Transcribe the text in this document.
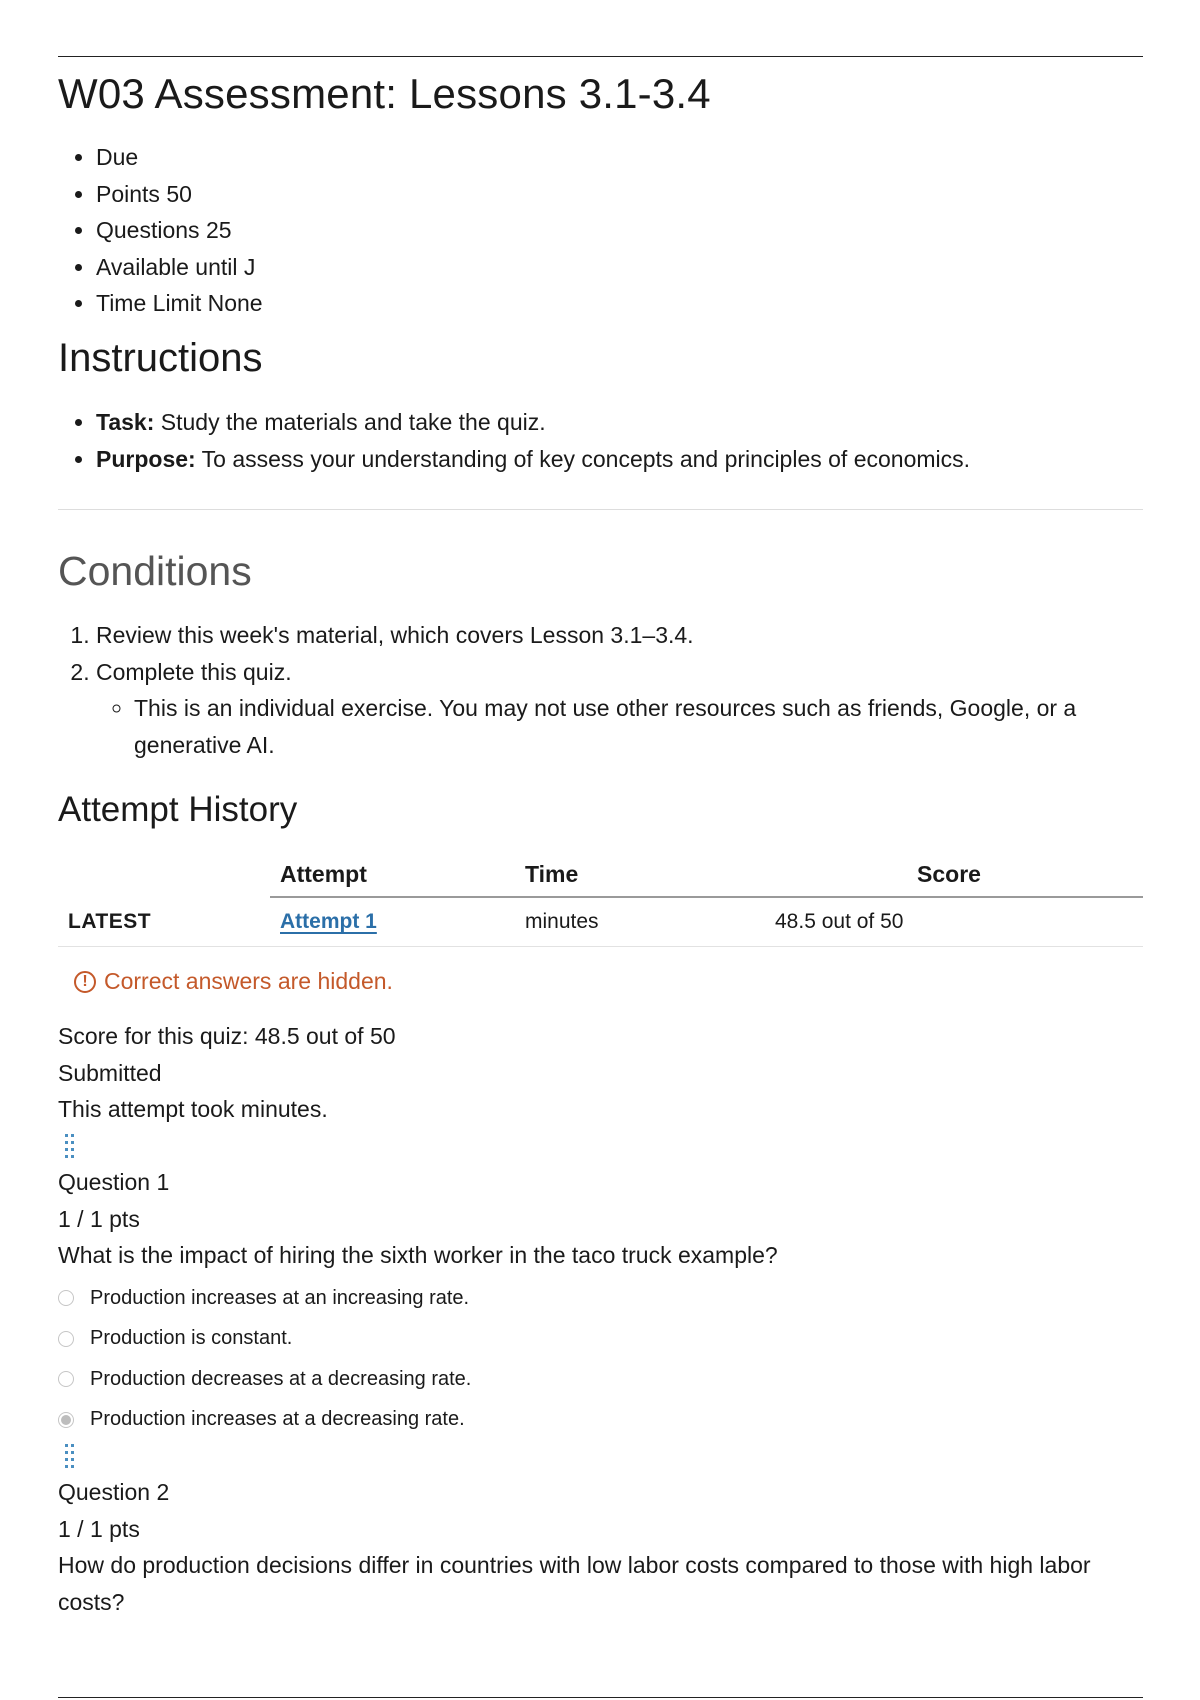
W03 Assessment: Lessons 3.1-3.4
• Due
• Points 50
• Questions 25
• Available until J
• Time Limit None
Instructions
• Task: Study the materials and take the quiz.
• Purpose: To assess your understanding of key concepts and principles of economics.
Conditions
1. Review this week's material, which covers Lesson 3.1–3.4.
2. Complete this quiz.
◦ This is an individual exercise. You may not use other resources such as friends, Google, or a generative AI.
Attempt History
	Attempt	Time	Score
LATEST	Attempt 1	minutes	48.5 out of 50
! Correct answers are hidden.
Score for this quiz: 48.5 out of 50
Submitted
This attempt took minutes.
Question 1
1 / 1 pts
What is the impact of hiring the sixth worker in the taco truck example?
Production increases at an increasing rate.
Production is constant.
Production decreases at a decreasing rate.
Production increases at a decreasing rate.
Question 2
1 / 1 pts
How do production decisions differ in countries with low labor costs compared to those with high labor costs?
